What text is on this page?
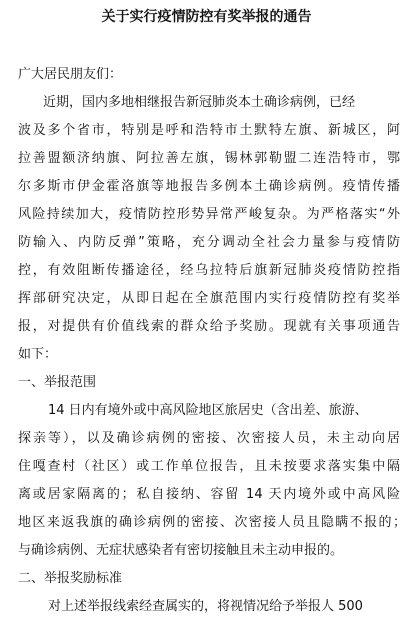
关于实行疫情防控有奖举报的通告
广大居民朋友们：
近期，国内多地相继报告新冠肺炎本土确诊病例，已经
波及多个省市，特别是呼和浩特市土默特左旗、新城区，阿
拉善盟额济纳旗、阿拉善左旗，锡林郭勒盟二连浩特市，鄂
尔多斯市伊金霍洛旗等地报告多例本土确诊病例。疫情传播
风险持续加大，疫情防控形势异常严峻复杂。为严格落实“外
防输入、内防反弹”策略，充分调动全社会力量参与疫情防
控，有效阻断传播途径，经乌拉特后旗新冠肺炎疫情防控指
挥部研究决定，从即日起在全旗范围内实行疫情防控有奖举
报，对提供有价值线索的群众给予奖励。现就有关事项通告
如下：
一、举报范围
14 日内有境外或中高风险地区旅居史（含出差、旅游、
探亲等），以及确诊病例的密接、次密接人员，未主动向居
住嘎查村（社区）或工作单位报告，且未按要求落实集中隔
离或居家隔离的；私自接纳、容留 14 天内境外或中高风险
地区来返我旗的确诊病例的密接、次密接人员且隐瞒不报的；
与确诊病例、无症状感染者有密切接触且未主动申报的。
二、举报奖励标准
对上述举报线索经查属实的，将视情况给予举报人 500
